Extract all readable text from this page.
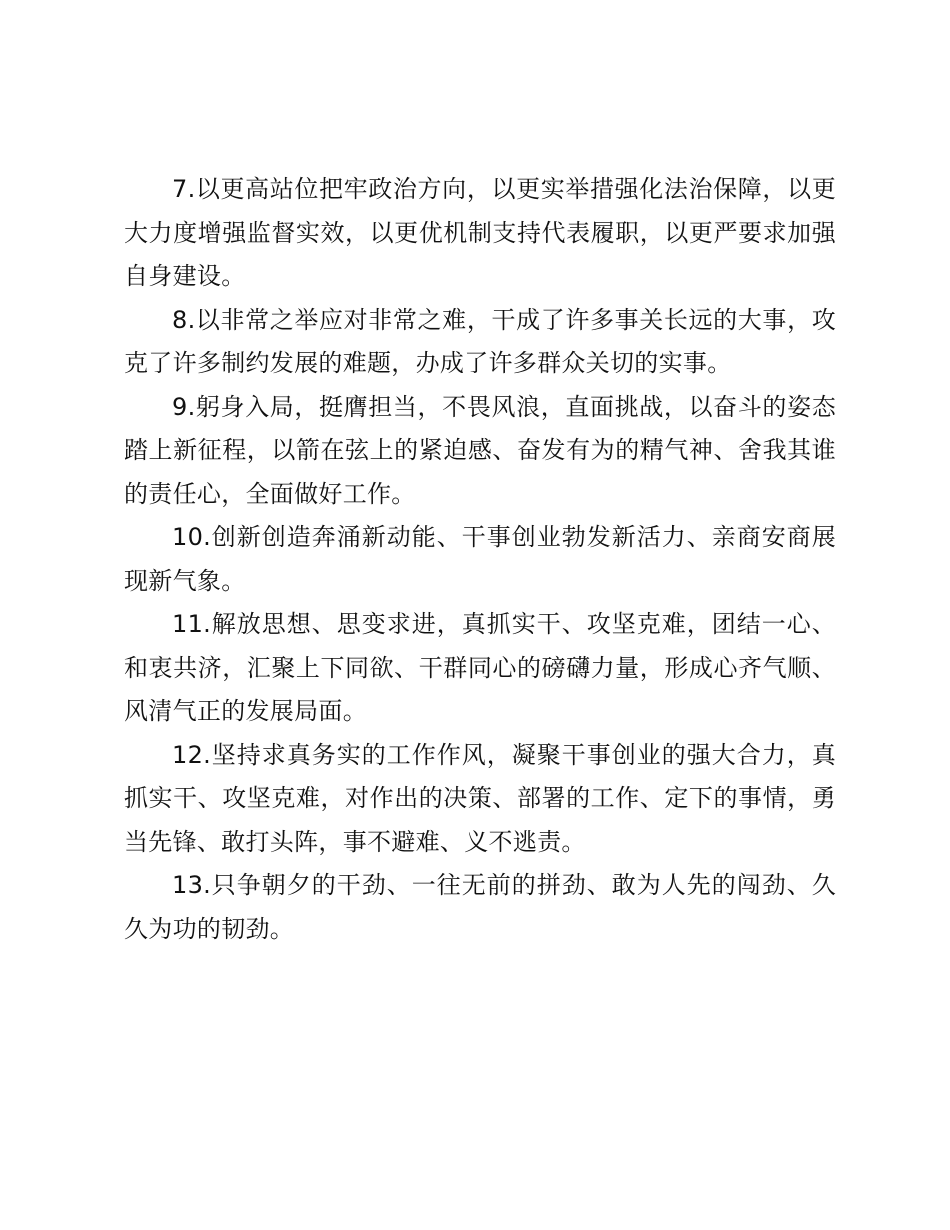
7.以更高站位把牢政治方向，以更实举措强化法治保障，以更大力度增强监督实效，以更优机制支持代表履职，以更严要求加强自身建设。

8.以非常之举应对非常之难，干成了许多事关长远的大事，攻克了许多制约发展的难题，办成了许多群众关切的实事。

9.躬身入局，挺膺担当，不畏风浪，直面挑战，以奋斗的姿态踏上新征程，以箭在弦上的紧迫感、奋发有为的精气神、舍我其谁的责任心，全面做好工作。

10.创新创造奔涌新动能、干事创业勃发新活力、亲商安商展现新气象。

11.解放思想、思变求进，真抓实干、攻坚克难，团结一心、和衷共济，汇聚上下同欲、干群同心的磅礴力量，形成心齐气顺、风清气正的发展局面。

12.坚持求真务实的工作作风，凝聚干事创业的强大合力，真抓实干、攻坚克难，对作出的决策、部署的工作、定下的事情，勇当先锋、敢打头阵，事不避难、义不逃责。

13.只争朝夕的干劲、一往无前的拼劲、敢为人先的闯劲、久久为功的韧劲。
